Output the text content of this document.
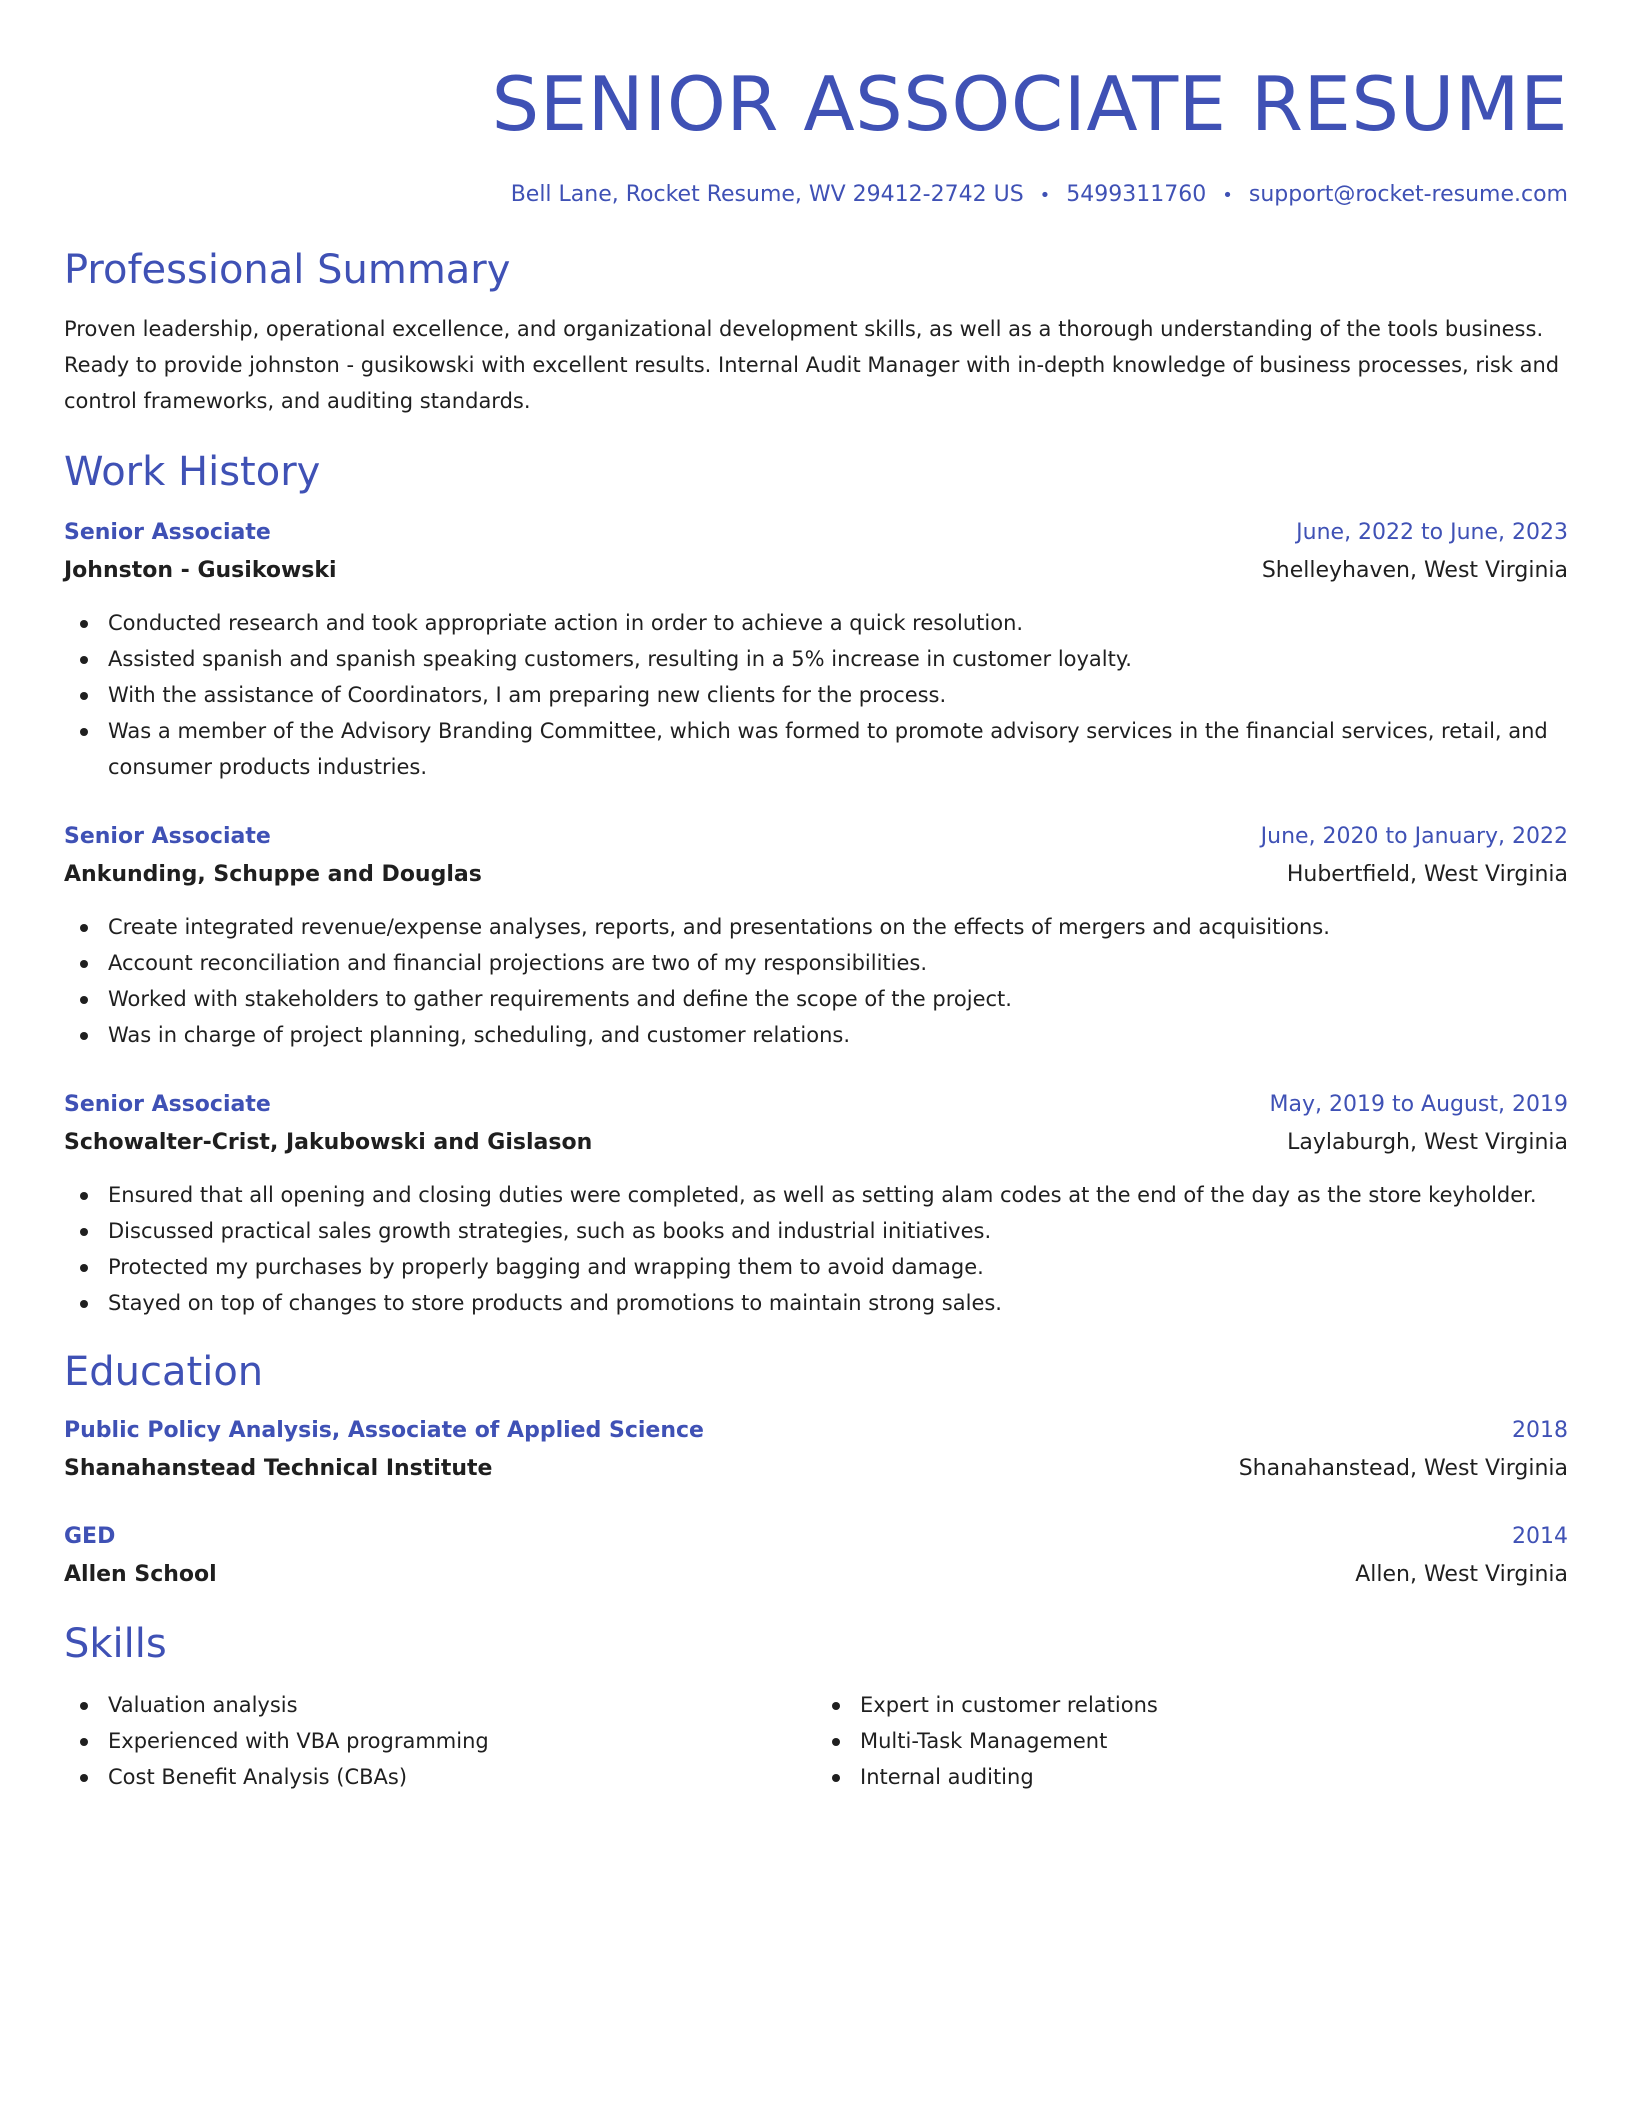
SENIOR ASSOCIATE RESUME
Bell Lane, Rocket Resume, WV 29412-2742 US • 5499311760 • support@rocket-resume.com
Professional Summary
Proven leadership, operational excellence, and organizational development skills, as well as a thorough understanding of the tools business. Ready to provide johnston - gusikowski with excellent results. Internal Audit Manager with in-depth knowledge of business processes, risk and control frameworks, and auditing standards.
Work History
Senior Associate	June, 2022 to June, 2023
Johnston - Gusikowski	Shelleyhaven, West Virginia
Conducted research and took appropriate action in order to achieve a quick resolution.
Assisted spanish and spanish speaking customers, resulting in a 5% increase in customer loyalty.
With the assistance of Coordinators, I am preparing new clients for the process.
Was a member of the Advisory Branding Committee, which was formed to promote advisory services in the financial services, retail, and consumer products industries.
Senior Associate	June, 2020 to January, 2022
Ankunding, Schuppe and Douglas	Hubertfield, West Virginia
Create integrated revenue/expense analyses, reports, and presentations on the effects of mergers and acquisitions.
Account reconciliation and financial projections are two of my responsibilities.
Worked with stakeholders to gather requirements and define the scope of the project.
Was in charge of project planning, scheduling, and customer relations.
Senior Associate	May, 2019 to August, 2019
Schowalter-Crist, Jakubowski and Gislason	Laylaburgh, West Virginia
Ensured that all opening and closing duties were completed, as well as setting alam codes at the end of the day as the store keyholder.
Discussed practical sales growth strategies, such as books and industrial initiatives.
Protected my purchases by properly bagging and wrapping them to avoid damage.
Stayed on top of changes to store products and promotions to maintain strong sales.
Education
Public Policy Analysis, Associate of Applied Science	2018
Shanahanstead Technical Institute	Shanahanstead, West Virginia
GED	2014
Allen School	Allen, West Virginia
Skills
Valuation analysis
Experienced with VBA programming
Cost Benefit Analysis (CBAs)
Expert in customer relations
Multi-Task Management
Internal auditing
